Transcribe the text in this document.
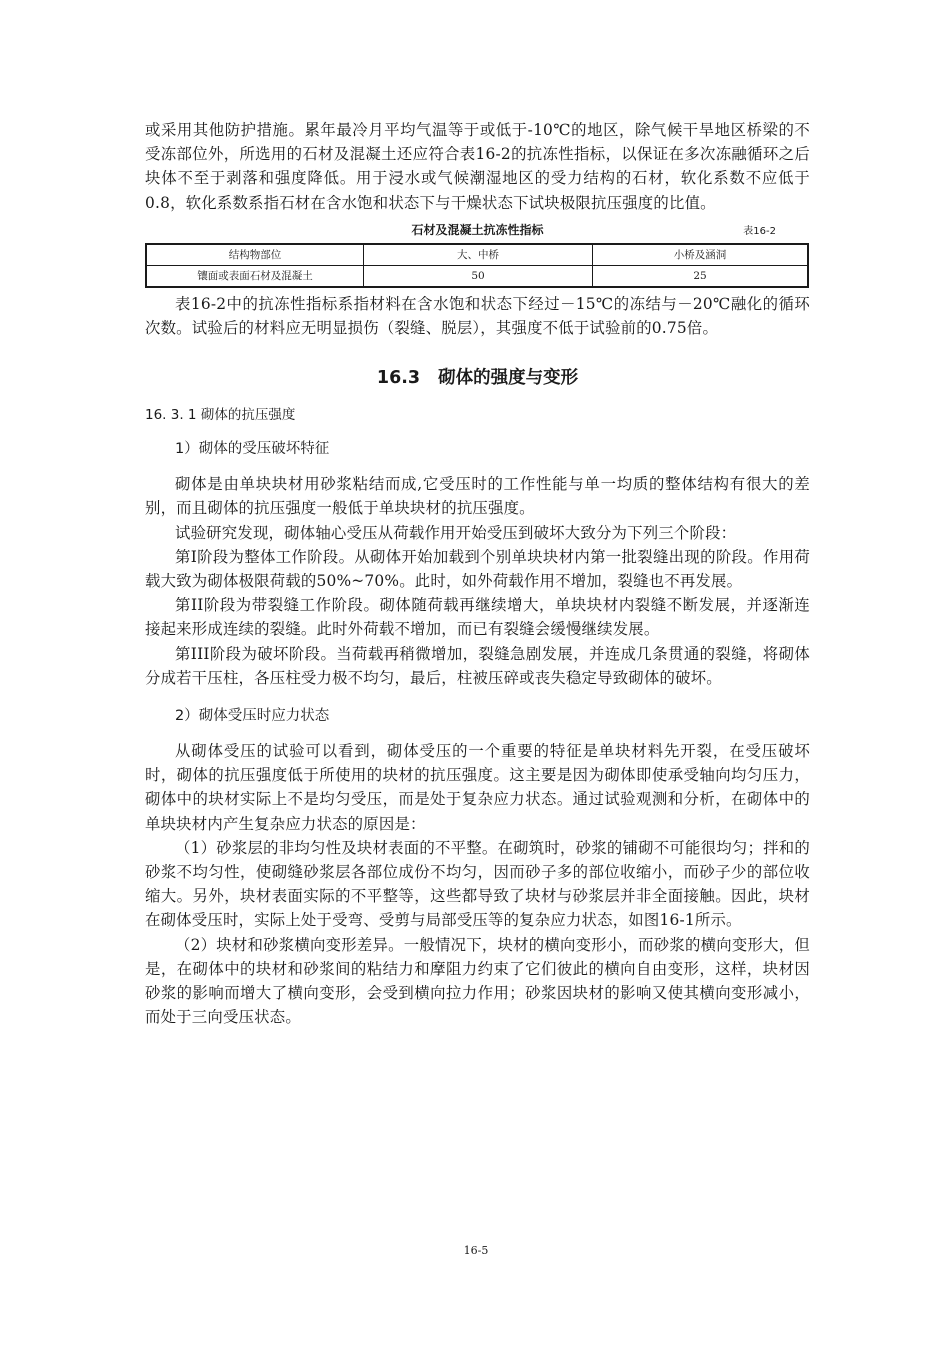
或采用其他防护措施。累年最冷月平均气温等于或低于-10℃的地区，除气候干旱地区桥梁的不受冻部位外，所选用的石材及混凝土还应符合表16-2的抗冻性指标，以保证在多次冻融循环之后块体不至于剥落和强度降低。用于浸水或气候潮湿地区的受力结构的石材，软化系数不应低于0.8，软化系数系指石材在含水饱和状态下与干燥状态下试块极限抗压强度的比值。

石材及混凝土抗冻性指标	表16-2
结构物部位	大、中桥	小桥及涵洞
镶面或表面石材及混凝土	50	25

表16-2中的抗冻性指标系指材料在含水饱和状态下经过－15℃的冻结与－20℃融化的循环次数。试验后的材料应无明显损伤（裂缝、脱层），其强度不低于试验前的0.75倍。

16.3 砌体的强度与变形
16. 3. 1 砌体的抗压强度
1）砌体的受压破坏特征

砌体是由单块块材用砂浆粘结而成,它受压时的工作性能与单一均质的整体结构有很大的差别，而且砌体的抗压强度一般低于单块块材的抗压强度。

试验研究发现，砌体轴心受压从荷载作用开始受压到破坏大致分为下列三个阶段：

第I阶段为整体工作阶段。从砌体开始加载到个别单块块材内第一批裂缝出现的阶段。作用荷载大致为砌体极限荷载的50%~70%。此时，如外荷载作用不增加，裂缝也不再发展。

第II阶段为带裂缝工作阶段。砌体随荷载再继续增大，单块块材内裂缝不断发展，并逐渐连接起来形成连续的裂缝。此时外荷载不增加，而已有裂缝会缓慢继续发展。

第III阶段为破坏阶段。当荷载再稍微增加，裂缝急剧发展，并连成几条贯通的裂缝，将砌体分成若干压柱，各压柱受力极不均匀，最后，柱被压碎或丧失稳定导致砌体的破坏。

2）砌体受压时应力状态

从砌体受压的试验可以看到，砌体受压的一个重要的特征是单块材料先开裂，在受压破坏时，砌体的抗压强度低于所使用的块材的抗压强度。这主要是因为砌体即使承受轴向均匀压力，砌体中的块材实际上不是均匀受压，而是处于复杂应力状态。通过试验观测和分析，在砌体中的单块块材内产生复杂应力状态的原因是：

（1）砂浆层的非均匀性及块材表面的不平整。在砌筑时，砂浆的铺砌不可能很均匀；拌和的砂浆不均匀性，使砌缝砂浆层各部位成份不均匀，因而砂子多的部位收缩小，而砂子少的部位收缩大。另外，块材表面实际的不平整等，这些都导致了块材与砂浆层并非全面接触。因此，块材在砌体受压时，实际上处于受弯、受剪与局部受压等的复杂应力状态，如图16-1所示。

（2）块材和砂浆横向变形差异。一般情况下，块材的横向变形小，而砂浆的横向变形大，但是，在砌体中的块材和砂浆间的粘结力和摩阻力约束了它们彼此的横向自由变形，这样，块材因砂浆的影响而增大了横向变形，会受到横向拉力作用；砂浆因块材的影响又使其横向变形减小，而处于三向受压状态。

16-5
